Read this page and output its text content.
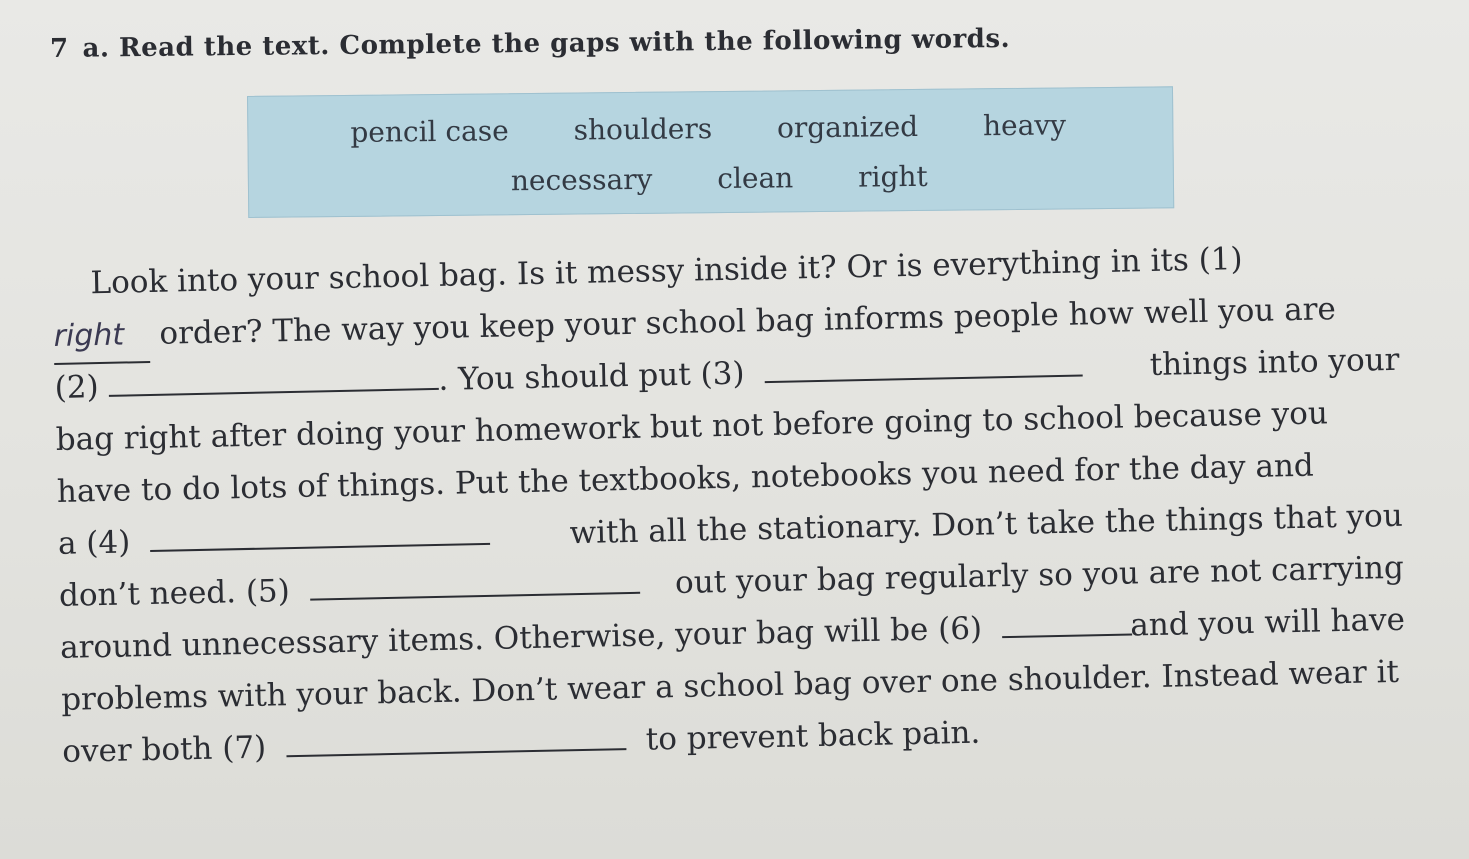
7 a. Read the text. Complete the gaps with the following words.
pencil case shoulders organized heavy
necessary clean right
Look into your school bag. Is it messy inside it? Or is everything in its (1)
right order? The way you keep your school bag informs people how well you are
(2)	. You should put (3)	things into your
bag right after doing your homework but not before going to school because you
have to do lots of things. Put the textbooks, notebooks you need for the day and
a (4)	with all the stationary. Don’t take the things that you
don’t need. (5)	out your bag regularly so you are not carrying
around unnecessary items. Otherwise, your bag will be (6)	and you will have
problems with your back. Don’t wear a school bag over one shoulder. Instead wear it
over both (7)	to prevent back pain.
